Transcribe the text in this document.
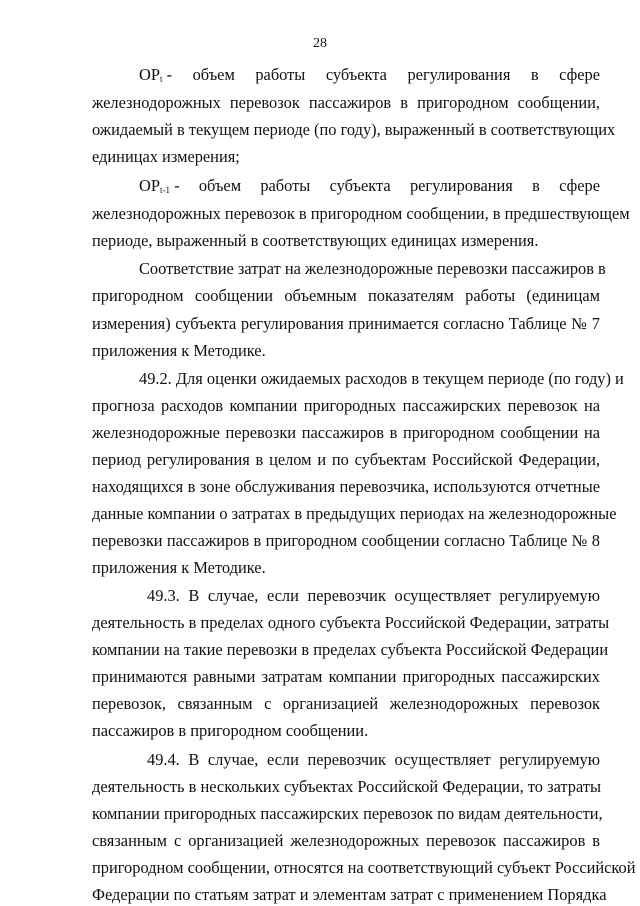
28
$OP_t$ - объем работы субъекта регулирования в сфере
железнодорожных перевозок пассажиров в пригородном сообщении,
ожидаемый в текущем периоде (по году), выраженный в соответствующих
единицах измерения;
$OP_{t-1}$ - объем работы субъекта регулирования в сфере
железнодорожных перевозок в пригородном сообщении, в предшествующем
периоде, выраженный в соответствующих единицах измерения.
Соответствие затрат на железнодорожные перевозки пассажиров в
пригородном сообщении объемным показателям работы (единицам
измерения) субъекта регулирования принимается согласно Таблице № 7
приложения к Методике.
49.2. Для оценки ожидаемых расходов в текущем периоде (по году) и
прогноза расходов компании пригородных пассажирских перевозок на
железнодорожные перевозки пассажиров в пригородном сообщении на
период регулирования в целом и по субъектам Российской Федерации,
находящихся в зоне обслуживания перевозчика, используются отчетные
данные компании о затратах в предыдущих периодах на железнодорожные
перевозки пассажиров в пригородном сообщении согласно Таблице № 8
приложения к Методике.
49.3. В случае, если перевозчик осуществляет регулируемую
деятельность в пределах одного субъекта Российской Федерации, затраты
компании на такие перевозки в пределах субъекта Российской Федерации
принимаются равными затратам компании пригородных пассажирских
перевозок, связанным с организацией железнодорожных перевозок
пассажиров в пригородном сообщении.
49.4. В случае, если перевозчик осуществляет регулируемую
деятельность в нескольких субъектах Российской Федерации, то затраты
компании пригородных пассажирских перевозок по видам деятельности,
связанным с организацией железнодорожных перевозок пассажиров в
пригородном сообщении, относятся на соответствующий субъект Российской
Федерации по статьям затрат и элементам затрат с применением Порядка
